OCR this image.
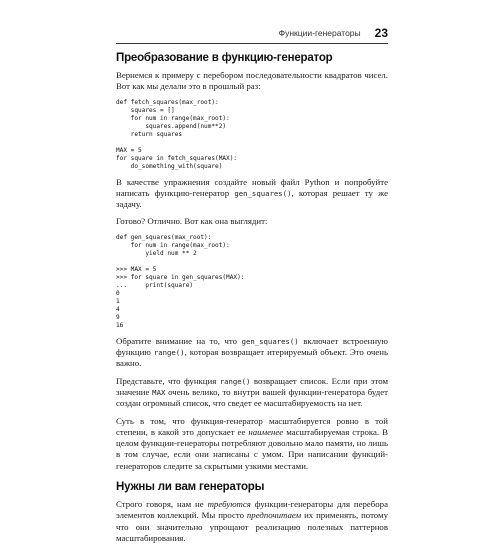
Функции-генераторы 23
Преобразование в функцию-генератор

Вернемся к примеру с перебором последовательности квадратов чисел. Вот как мы делали это в прошлый раз:

def fetch_squares(max_root):
squares = []
for num in range(max_root):
squares.append(num**2)
return squares

MAX = 5
for square in fetch_squares(MAX):
do_something_with(square)

В качестве упражнения создайте новый файл Python и попробуйте написать функцию-генератор gen_squares(), которая решает ту же задачу.

Готово? Отлично. Вот как она выглядит:

def gen_squares(max_root):
for num in range(max_root):
yield num ** 2

>>> MAX = 5
>>> for square in gen_squares(MAX):
...     print(square)
0
1
4
9
16

Обратите внимание на то, что gen_squares() включает встроенную функцию range(), которая возвращает итерируемый объект. Это очень важно.

Представьте, что функция range() возвращает список. Если при этом значение MAX очень велико, то внутри вашей функции-генератора будет создан огромный список, что сведет ее масштабируемость на нет.

Суть в том, что функция-генератор масштабируется ровно в той степени, в какой это допускает ее наименее масштабируемая строка. В целом функции-генераторы потребляют довольно мало памяти, но лишь в том случае, если они написаны с умом. При написании функций-генераторов следите за скрытыми узкими местами.

Нужны ли вам генераторы

Строго говоря, нам не требуются функции-генераторы для перебора элементов коллекций. Мы просто предпочитаем их применять, потому что они значительно упрощают реализацию полезных паттернов масштабирования.
